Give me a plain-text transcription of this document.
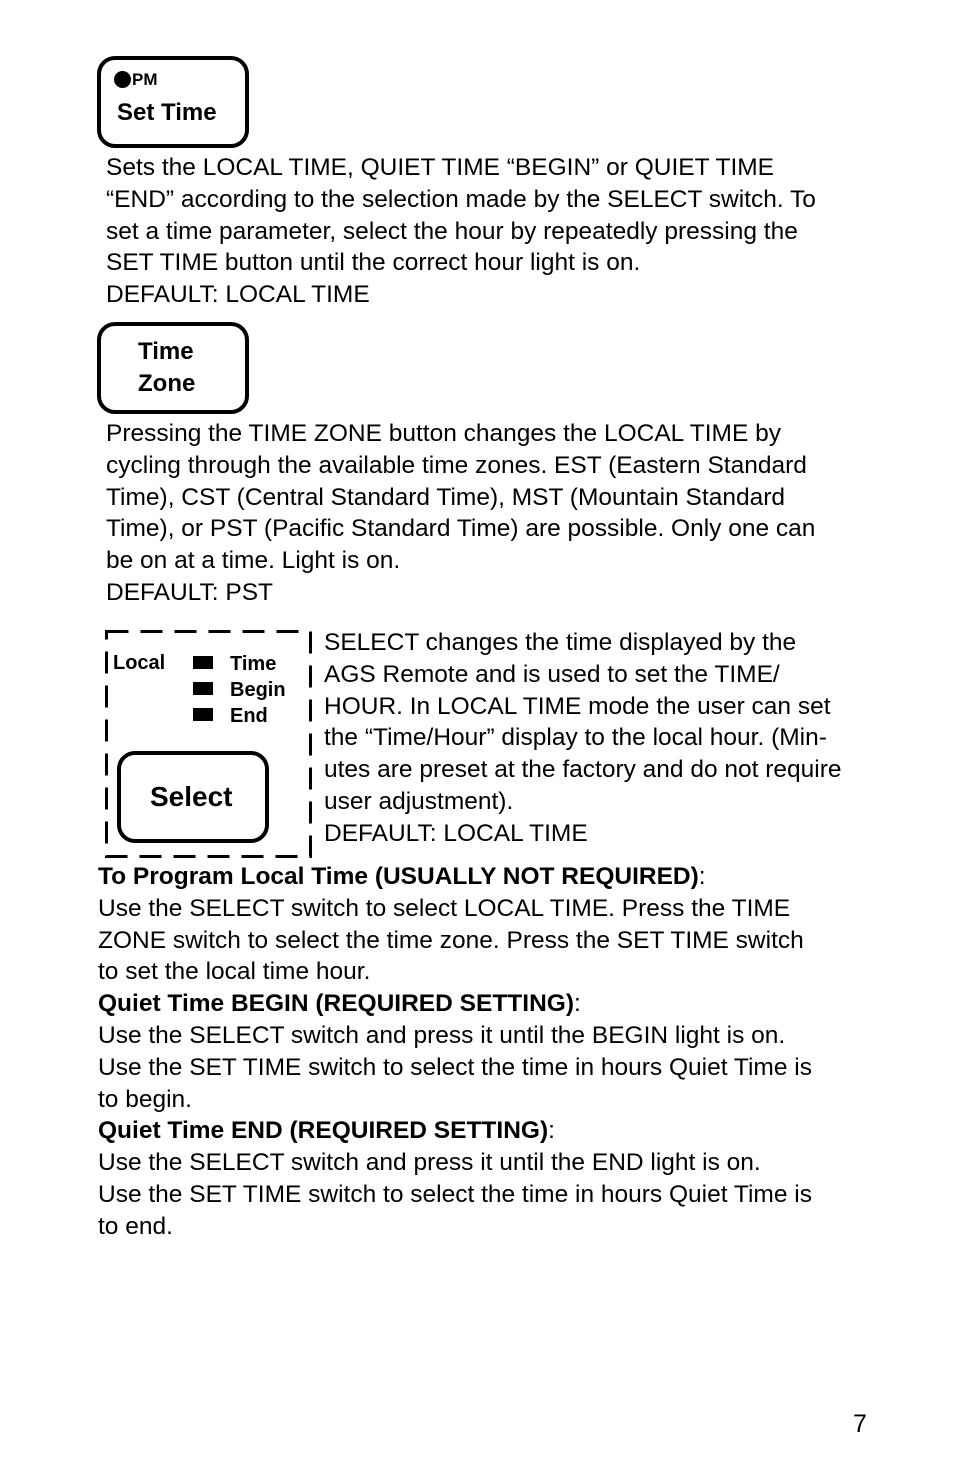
PM
Set Time
Sets the LOCAL TIME, QUIET TIME “BEGIN” or QUIET TIME
“END” according to the selection made by the SELECT switch. To
set a time parameter, select the hour by repeatedly pressing the
SET TIME button until the correct hour light is on.
DEFAULT: LOCAL TIME
Time
Zone
Pressing the TIME ZONE button changes the LOCAL TIME by
cycling through the available time zones. EST (Eastern Standard
Time), CST (Central Standard Time), MST (Mountain Standard
Time), or PST (Pacific Standard Time) are possible. Only one can
be on at a time. Light is on.
DEFAULT: PST
Local	Time
Begin
End
Select
SELECT changes the time displayed by the
AGS Remote and is used to set the TIME/
HOUR. In LOCAL TIME mode the user can set
the “Time/Hour” display to the local hour. (Min-
utes are preset at the factory and do not require
user adjustment).
DEFAULT: LOCAL TIME
To Program Local Time (USUALLY NOT REQUIRED):
Use the SELECT switch to select LOCAL TIME. Press the TIME
ZONE switch to select the time zone. Press the SET TIME switch
to set the local time hour.
Quiet Time BEGIN (REQUIRED SETTING):
Use the SELECT switch and press it until the BEGIN light is on.
Use the SET TIME switch to select the time in hours Quiet Time is
to begin.
Quiet Time END (REQUIRED SETTING):
Use the SELECT switch and press it until the END light is on.
Use the SET TIME switch to select the time in hours Quiet Time is
to end.
7
